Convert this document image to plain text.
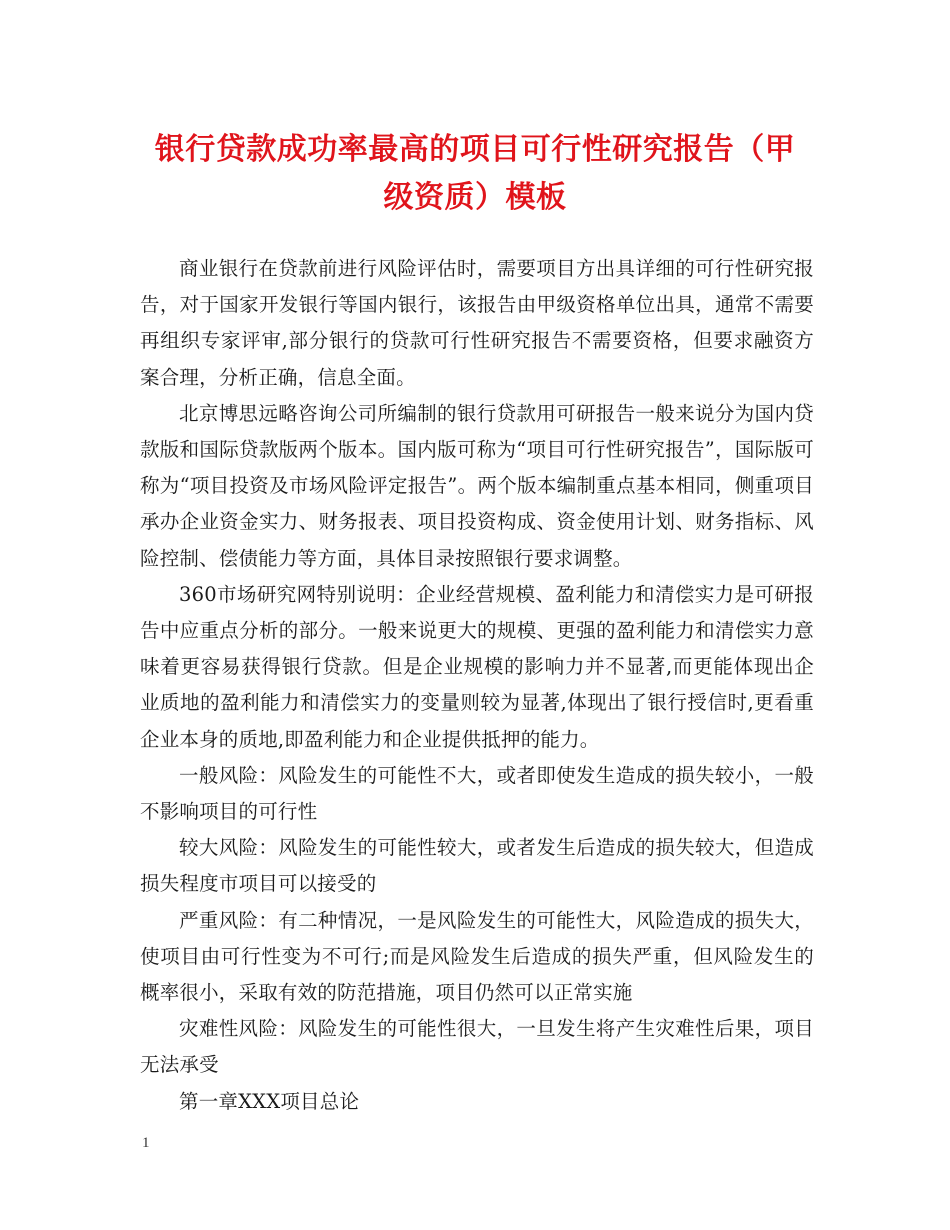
银行贷款成功率最高的项目可行性研究报告（甲级资质）模板

商业银行在贷款前进行风险评估时，需要项目方出具详细的可行性研究报告，对于国家开发银行等国内银行，该报告由甲级资格单位出具，通常不需要再组织专家评审,部分银行的贷款可行性研究报告不需要资格，但要求融资方案合理，分析正确，信息全面。

北京博思远略咨询公司所编制的银行贷款用可研报告一般来说分为国内贷款版和国际贷款版两个版本。国内版可称为“项目可行性研究报告”，国际版可称为“项目投资及市场风险评定报告”。两个版本编制重点基本相同，侧重项目承办企业资金实力、财务报表、项目投资构成、资金使用计划、财务指标、风险控制、偿债能力等方面，具体目录按照银行要求调整。

360市场研究网特别说明：企业经营规模、盈利能力和清偿实力是可研报告中应重点分析的部分。一般来说更大的规模、更强的盈利能力和清偿实力意味着更容易获得银行贷款。但是企业规模的影响力并不显著,而更能体现出企业质地的盈利能力和清偿实力的变量则较为显著,体现出了银行授信时,更看重企业本身的质地,即盈利能力和企业提供抵押的能力。

一般风险：风险发生的可能性不大，或者即使发生造成的损失较小，一般不影响项目的可行性

较大风险：风险发生的可能性较大，或者发生后造成的损失较大，但造成损失程度市项目可以接受的

严重风险：有二种情况，一是风险发生的可能性大，风险造成的损失大，使项目由可行性变为不可行;而是风险发生后造成的损失严重，但风险发生的概率很小，采取有效的防范措施，项目仍然可以正常实施

灾难性风险：风险发生的可能性很大，一旦发生将产生灾难性后果，项目无法承受

第一章XXX项目总论

1
